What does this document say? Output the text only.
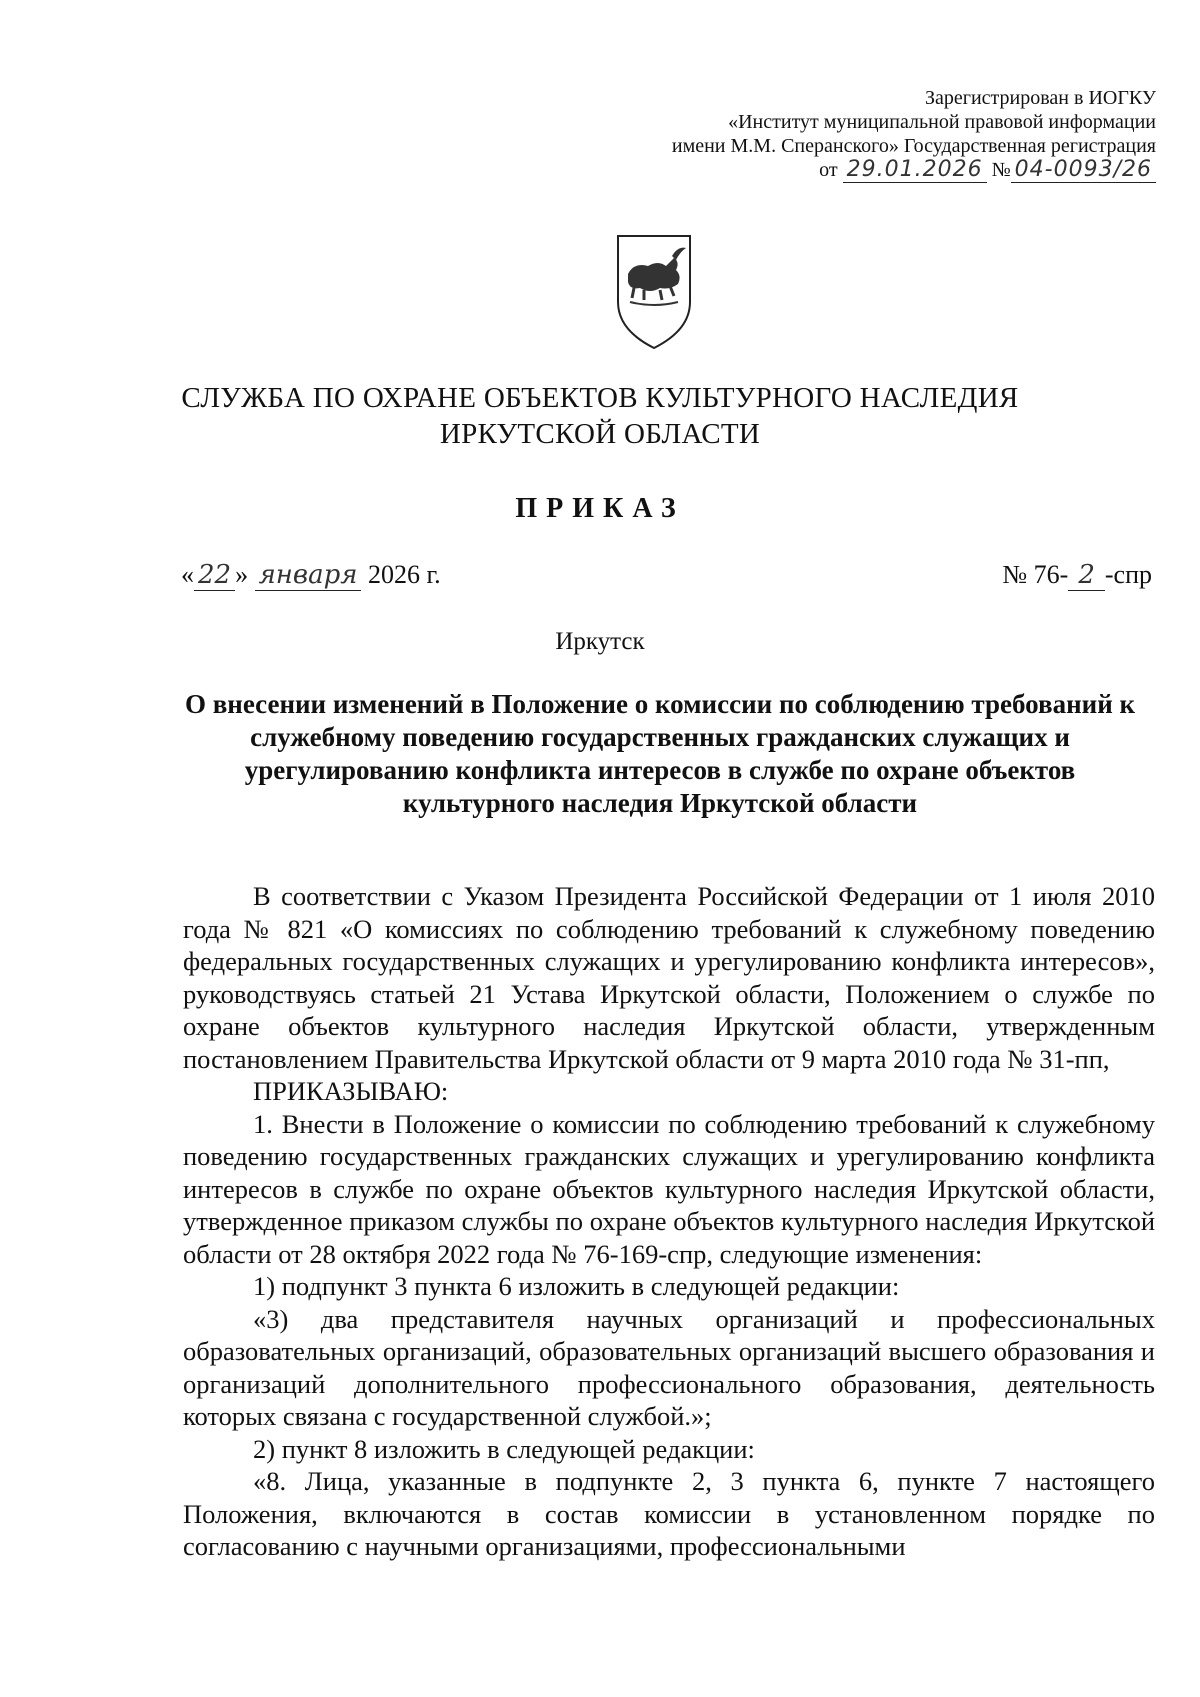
Зарегистрирован в ИОГКУ
«Институт муниципальной правовой информации
имени М.М. Сперанского» Государственная регистрация
от 29.01.2026 № 04-0093/26
СЛУЖБА ПО ОХРАНЕ ОБЪЕКТОВ КУЛЬТУРНОГО НАСЛЕДИЯ
ИРКУТСКОЙ ОБЛАСТИ
ПРИКАЗ
« 22 » января 2026 г.	№ 76- 2 -спр
Иркутск
О внесении изменений в Положение о комиссии по соблюдению требований к служебному поведению государственных гражданских служащих и урегулированию конфликта интересов в службе по охране объектов культурного наследия Иркутской области

В соответствии с Указом Президента Российской Федерации от 1 июля 2010 года № 821 «О комиссиях по соблюдению требований к служебному поведению федеральных государственных служащих и урегулированию конфликта интересов», руководствуясь статьей 21 Устава Иркутской области, Положением о службе по охране объектов культурного наследия Иркутской области, утвержденным постановлением Правительства Иркутской области от 9 марта 2010 года № 31-пп,

ПРИКАЗЫВАЮ:

1. Внести в Положение о комиссии по соблюдению требований к служебному поведению государственных гражданских служащих и урегулированию конфликта интересов в службе по охране объектов культурного наследия Иркутской области, утвержденное приказом службы по охране объектов культурного наследия Иркутской области от 28 октября 2022 года № 76-169-спр, следующие изменения:

1) подпункт 3 пункта 6 изложить в следующей редакции:

«3) два представителя научных организаций и профессиональных образовательных организаций, образовательных организаций высшего образования и организаций дополнительного профессионального образования, деятельность которых связана с государственной службой.»;

2) пункт 8 изложить в следующей редакции:

«8. Лица, указанные в подпункте 2, 3 пункта 6, пункте 7 настоящего Положения, включаются в состав комиссии в установленном порядке по согласованию с научными организациями, профессиональными
